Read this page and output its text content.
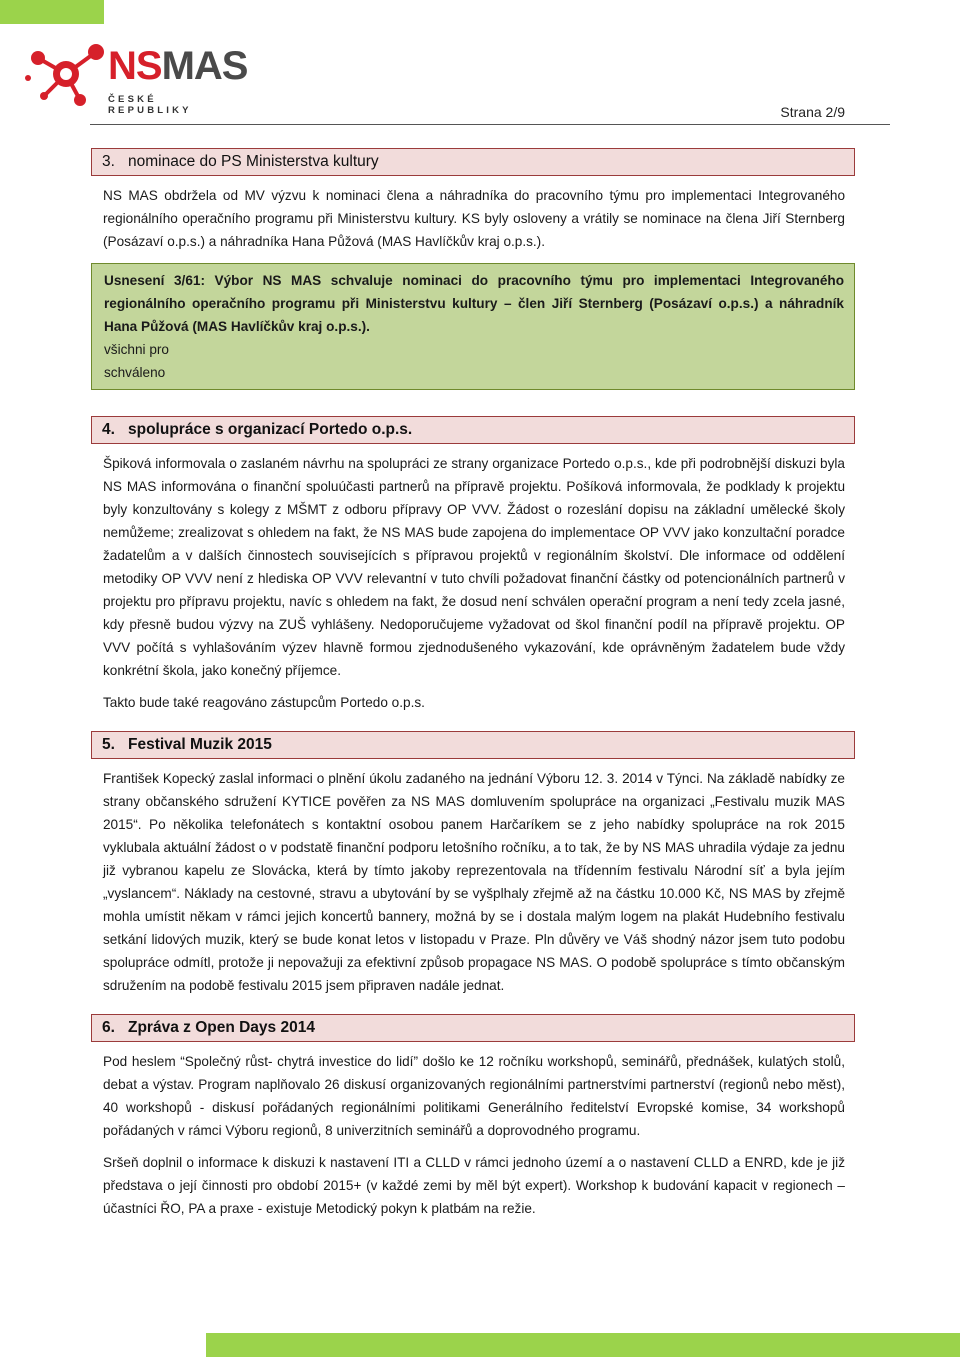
NSMAS
ČESKÉ REPUBLIKY	Strana 2/9
3. nominace do PS Ministerstva kultury

NS MAS obdržela od MV výzvu k nominaci člena a náhradníka do pracovního týmu pro implementaci Integrovaného regionálního operačního programu při Ministerstvu kultury. KS byly osloveny a vrátily se nominace na člena Jiří Sternberg (Posázaví o.p.s.) a náhradníka Hana Půžová (MAS Havlíčkův kraj o.p.s.).

Usnesení 3/61: Výbor NS MAS schvaluje nominaci do pracovního týmu pro implementaci Integrovaného regionálního operačního programu při Ministerstvu kultury – člen Jiří Sternberg (Posázaví o.p.s.) a náhradník Hana Půžová (MAS Havlíčkův kraj o.p.s.).

všichni pro

schváleno

4. spolupráce s organizací Portedo o.p.s.

Špiková informovala o zaslaném návrhu na spolupráci ze strany organizace Portedo o.p.s., kde při podrobnější diskuzi byla NS MAS informována o finanční spoluúčasti partnerů na přípravě projektu. Pošíková informovala, že podklady k projektu byly konzultovány s kolegy z MŠMT z odboru přípravy OP VVV. Žádost o rozeslání dopisu na základní umělecké školy nemůžeme; zrealizovat s ohledem na fakt, že NS MAS bude zapojena do implementace OP VVV jako konzultační poradce žadatelům a v dalších činnostech souvisejících s přípravou projektů v regionálním školství. Dle informace od oddělení metodiky OP VVV není z hlediska OP VVV relevantní v tuto chvíli požadovat finanční částky od potencionálních partnerů v projektu pro přípravu projektu, navíc s ohledem na fakt, že dosud není schválen operační program a není tedy zcela jasné, kdy přesně budou výzvy na ZUŠ vyhlášeny. Nedoporučujeme vyžadovat od škol finanční podíl na přípravě projektu. OP VVV počítá s vyhlašováním výzev hlavně formou zjednodušeného vykazování, kde oprávněným žadatelem bude vždy konkrétní škola, jako konečný příjemce.

Takto bude také reagováno zástupcům Portedo o.p.s.

5. Festival Muzik 2015

František Kopecký zaslal informaci o plnění úkolu zadaného na jednání Výboru 12. 3. 2014 v Týnci. Na základě nabídky ze strany občanského sdružení KYTICE pověřen za NS MAS domluvením spolupráce na organizaci „Festivalu muzik MAS 2015“. Po několika telefonátech s kontaktní osobou panem Harčaríkem se z jeho nabídky spolupráce na rok 2015 vyklubala aktuální žádost o v podstatě finanční podporu letošního ročníku, a to tak, že by NS MAS uhradila výdaje za jednu již vybranou kapelu ze Slovácka, která by tímto jakoby reprezentovala na třídenním festivalu Národní síť a byla jejím „vyslancem“. Náklady na cestovné, stravu a ubytování by se vyšplhaly zřejmě až na částku 10.000 Kč, NS MAS by zřejmě mohla umístit někam v rámci jejich koncertů bannery, možná by se i dostala malým logem na plakát Hudebního festivalu setkání lidových muzik, který se bude konat letos v listopadu v Praze. Pln důvěry ve Váš shodný názor jsem tuto podobu spolupráce odmítl, protože ji nepovažuji za efektivní způsob propagace NS MAS. O podobě spolupráce s tímto občanským sdružením na podobě festivalu 2015 jsem připraven nadále jednat.

6. Zpráva z Open Days 2014

Pod heslem “Společný růst- chytrá investice do lidí” došlo ke 12 ročníku workshopů, seminářů, přednášek, kulatých stolů, debat a výstav. Program naplňovalo 26 diskusí organizovaných regionálními partnerstvími partnerství (regionů nebo měst), 40 workshopů - diskusí pořádaných regionálními politikami Generálního ředitelství Evropské komise, 34 workshopů pořádaných v rámci Výboru regionů, 8 univerzitních seminářů a doprovodného programu.

Sršeň doplnil o informace k diskuzi k nastavení ITI a CLLD v rámci jednoho území a o nastavení CLLD a ENRD, kde je již představa o její činnosti pro období 2015+ (v každé zemi by měl být expert). Workshop k budování kapacit v regionech – účastníci ŘO, PA a praxe - existuje Metodický pokyn k platbám na režie.
